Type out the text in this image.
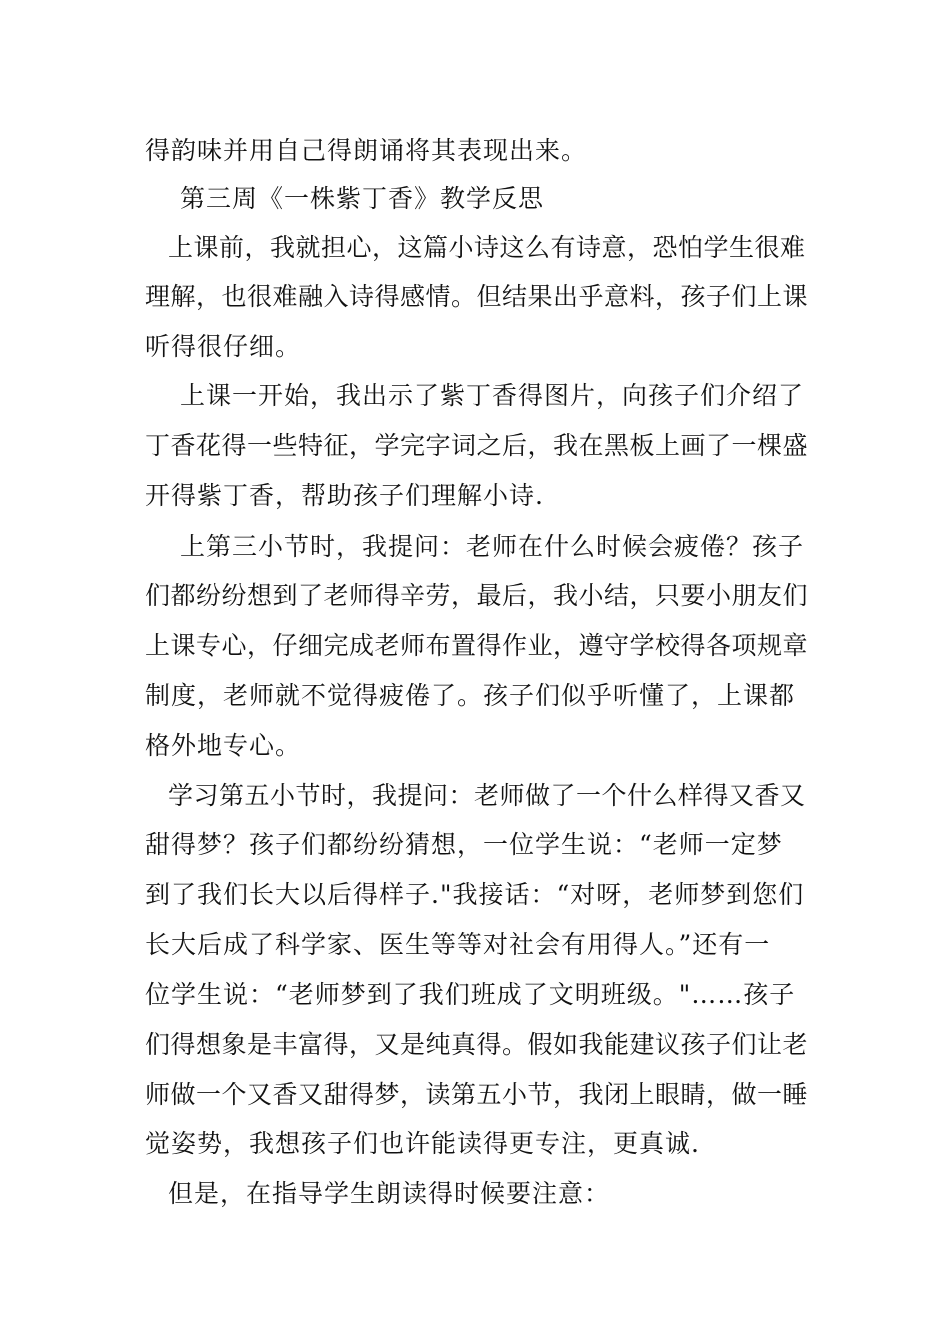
得韵味并用自己得朗诵将其表现出来。
第三周《一株紫丁香》教学反思
上课前，我就担心，这篇小诗这么有诗意，恐怕学生很难
理解，也很难融入诗得感情。但结果出乎意料，孩子们上课
听得很仔细。
上课一开始，我出示了紫丁香得图片，向孩子们介绍了
丁香花得一些特征，学完字词之后，我在黑板上画了一棵盛
开得紫丁香，帮助孩子们理解小诗.
上第三小节时，我提问：老师在什么时候会疲倦？孩子
们都纷纷想到了老师得辛劳，最后，我小结，只要小朋友们
上课专心，仔细完成老师布置得作业，遵守学校得各项规章
制度，老师就不觉得疲倦了。孩子们似乎听懂了，上课都
格外地专心。
学习第五小节时，我提问：老师做了一个什么样得又香又
甜得梦？孩子们都纷纷猜想，一位学生说：“老师一定梦
到了我们长大以后得样子."我接话：“对呀，老师梦到您们
长大后成了科学家、医生等等对社会有用得人。”还有一
位学生说：“老师梦到了我们班成了文明班级。"……孩子
们得想象是丰富得，又是纯真得。假如我能建议孩子们让老
师做一个又香又甜得梦，读第五小节，我闭上眼睛，做一睡
觉姿势，我想孩子们也许能读得更专注，更真诚.
但是，在指导学生朗读得时候要注意：
